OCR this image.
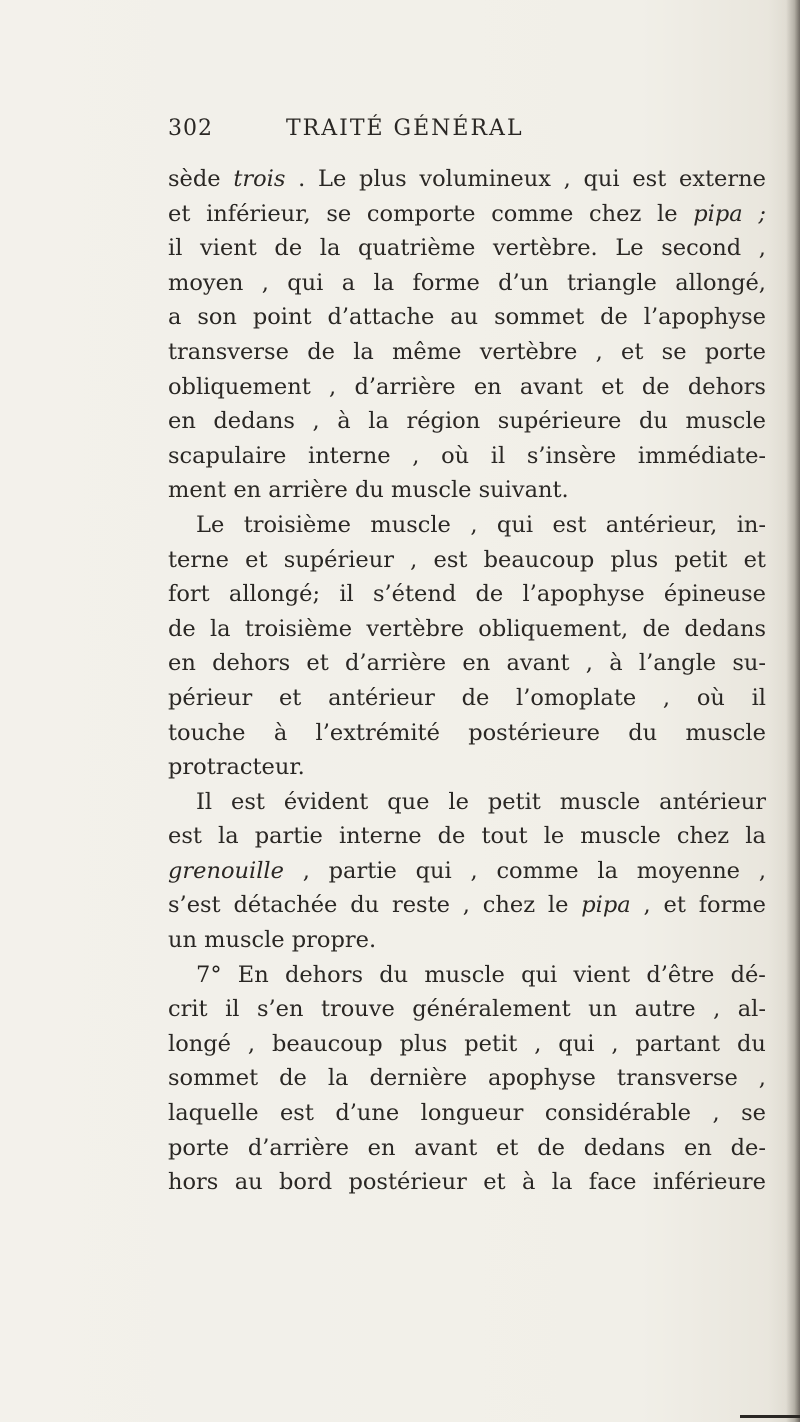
302	TRAITÉ GÉNÉRAL
sède trois . Le plus volumineux , qui est externe
et inférieur, se comporte comme chez le pipa ;
il vient de la quatrième vertèbre. Le second ,
moyen , qui a la forme d’un triangle allongé,
a son point d’attache au sommet de l’apophyse
transverse de la même vertèbre , et se porte
obliquement , d’arrière en avant et de dehors
en dedans , à la région supérieure du muscle
scapulaire interne , où il s’insère immédiate-
ment en arrière du muscle suivant.
Le troisième muscle , qui est antérieur, in-
terne et supérieur , est beaucoup plus petit et
fort allongé; il s’étend de l’apophyse épineuse
de la troisième vertèbre obliquement, de dedans
en dehors et d’arrière en avant , à l’angle su-
périeur et antérieur de l’omoplate , où il
touche à l’extrémité postérieure du muscle
protracteur.
Il est évident que le petit muscle antérieur
est la partie interne de tout le muscle chez la
grenouille , partie qui , comme la moyenne ,
s’est détachée du reste , chez le pipa , et forme
un muscle propre.
7° En dehors du muscle qui vient d’être dé-
crit il s’en trouve généralement un autre , al-
longé , beaucoup plus petit , qui , partant du
sommet de la dernière apophyse transverse ,
laquelle est d’une longueur considérable , se
porte d’arrière en avant et de dedans en de-
hors au bord postérieur et à la face inférieure
